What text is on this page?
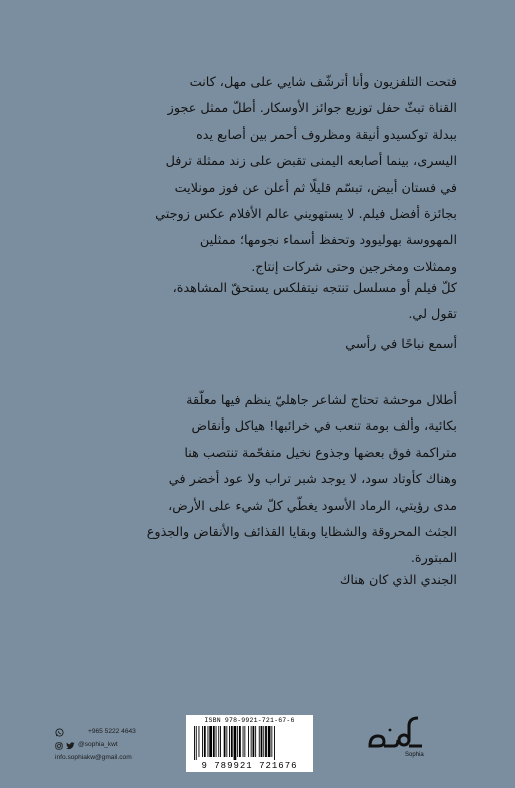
فتحت التلفزيون وأنا أترشّف شايي على مهل، كانت
القناة تبثّ حفل توزيع جوائز الأوسكار. أطلّ ممثل عجوز
ببدلة توكسيدو أنيقة ومظروف أحمر بين أصابع يده
اليسرى، بينما أصابعه اليمنى تقبض على زند ممثلة ترفل
في فستان أبيض، تبسّم قليلًا ثم أعلن عن فوز مونلايت
بجائزة أفضل فيلم. لا يستهويني عالم الأفلام عكس زوجتي
المهووسة بهوليوود وتحفظ أسماء نجومها؛ ممثلين
وممثلات ومخرجين وحتى شركات إنتاج.
كلّ فيلم أو مسلسل تنتجه نيتفلكس يستحقّ المشاهدة،
تقول لي.
أسمع نباحًا في رأسي
أطلال موحشة تحتاج لشاعر جاهليّ ينظم فيها معلّقة
بكائية، وألف بومة تنعب في خرائبها! هياكل وأنقاض
متراكمة فوق بعضها وجذوع نخيل متفحّمة تنتصب هنا
وهناك كأوتاد سود، لا يوجد شبر تراب ولا عود أخضر في
مدى رؤيتي، الرماد الأسود يغطّي كلّ شيء على الأرض،
الجثث المحروقة والشظايا وبقايا القذائف والأنقاض والجذوع
المبتورة.
الجندي الذي كان هناك
+965 5222 4643
@sophia_kwt
info.sophiakw@gmail.com
ISBN 978-9921-721-67-6
9 789921 721676
Sophia
